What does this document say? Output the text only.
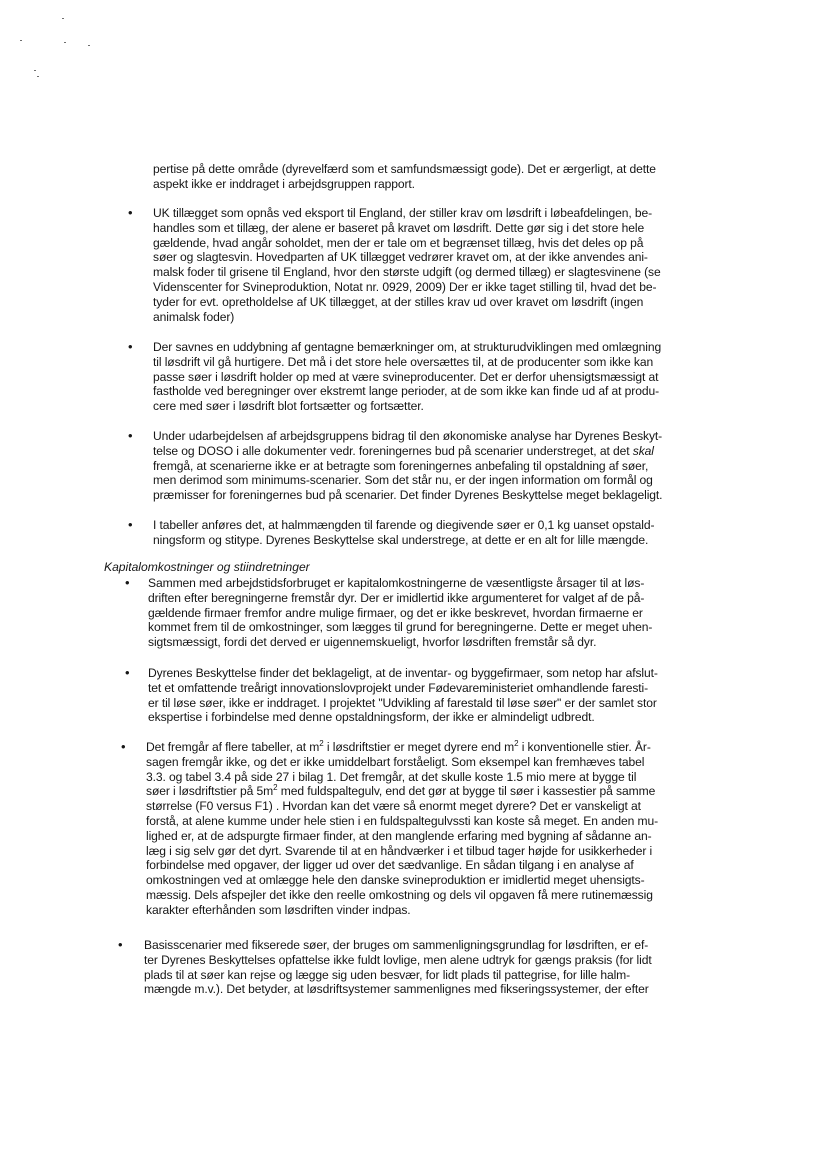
pertise på dette område (dyrevelfærd som et samfundsmæssigt gode). Det er ærgerligt, at dette
aspekt ikke er inddraget i arbejdsgruppen rapport.

• UK tillægget som opnås ved eksport til England, der stiller krav om løsdrift i løbeafdelingen, be-
handles som et tillæg, der alene er baseret på kravet om løsdrift. Dette gør sig i det store hele
gældende, hvad angår soholdet, men der er tale om et begrænset tillæg, hvis det deles op på
søer og slagtesvin. Hovedparten af UK tillægget vedrører kravet om, at der ikke anvendes ani-
malsk foder til grisene til England, hvor den største udgift (og dermed tillæg) er slagtesvinene (se
Videnscenter for Svineproduktion, Notat nr. 0929, 2009) Der er ikke taget stilling til, hvad det be-
tyder for evt. opretholdelse af UK tillægget, at der stilles krav ud over kravet om løsdrift (ingen
animalsk foder)

• Der savnes en uddybning af gentagne bemærkninger om, at strukturudviklingen med omlægning
til løsdrift vil gå hurtigere. Det må i det store hele oversættes til, at de producenter som ikke kan
passe søer i løsdrift holder op med at være svineproducenter. Det er derfor uhensigtsmæssigt at
fastholde ved beregninger over ekstremt lange perioder, at de som ikke kan finde ud af at produ-
cere med søer i løsdrift blot fortsætter og fortsætter.

• Under udarbejdelsen af arbejdsgruppens bidrag til den økonomiske analyse har Dyrenes Beskyt-
telse og DOSO i alle dokumenter vedr. foreningernes bud på scenarier understreget, at det skal
fremgå, at scenarierne ikke er at betragte som foreningernes anbefaling til opstaldning af søer,
men derimod som minimums-scenarier. Som det står nu, er der ingen information om formål og
præmisser for foreningernes bud på scenarier. Det finder Dyrenes Beskyttelse meget beklageligt.

• I tabeller anføres det, at halmmængden til farende og diegivende søer er 0,1 kg uanset opstald-
ningsform og stitype. Dyrenes Beskyttelse skal understrege, at dette er en alt for lille mængde.

Kapitalomkostninger og stiindretninger

• Sammen med arbejdstidsforbruget er kapitalomkostningerne de væsentligste årsager til at løs-
driften efter beregningerne fremstår dyr. Der er imidlertid ikke argumenteret for valget af de på-
gældende firmaer fremfor andre mulige firmaer, og det er ikke beskrevet, hvordan firmaerne er
kommet frem til de omkostninger, som lægges til grund for beregningerne. Dette er meget uhen-
sigtsmæssigt, fordi det derved er uigennemskueligt, hvorfor løsdriften fremstår så dyr.

• Dyrenes Beskyttelse finder det beklageligt, at de inventar- og byggefirmaer, som netop har afslut-
tet et omfattende treårigt innovationslovprojekt under Fødevareministeriet omhandlende faresti-
er til løse søer, ikke er inddraget. I projektet "Udvikling af farestald til løse søer" er der samlet stor
ekspertise i forbindelse med denne opstaldningsform, der ikke er almindeligt udbredt.

• Det fremgår af flere tabeller, at $m^2$ i løsdriftstier er meget dyrere end $m^2$ i konventionelle stier. År-
sagen fremgår ikke, og det er ikke umiddelbart forståeligt. Som eksempel kan fremhæves tabel
3.3. og tabel 3.4 på side 27 i bilag 1. Det fremgår, at det skulle koste 1.5 mio mere at bygge til
søer i løsdriftstier på $5m^2$ med fuldspaltegulv, end det gør at bygge til søer i kassestier på samme
størrelse (F0 versus F1) . Hvordan kan det være så enormt meget dyrere? Det er vanskeligt at
forstå, at alene kumme under hele stien i en fuldspaltegulvssti kan koste så meget. En anden mu-
lighed er, at de adspurgte firmaer finder, at den manglende erfaring med bygning af sådanne an-
læg i sig selv gør det dyrt. Svarende til at en håndværker i et tilbud tager højde for usikkerheder i
forbindelse med opgaver, der ligger ud over det sædvanlige. En sådan tilgang i en analyse af
omkostningen ved at omlægge hele den danske svineproduktion er imidlertid meget uhensigts-
mæssig. Dels afspejler det ikke den reelle omkostning og dels vil opgaven få mere rutinemæssig
karakter efterhånden som løsdriften vinder indpas.

• Basisscenarier med fikserede søer, der bruges om sammenligningsgrundlag for løsdriften, er ef-
ter Dyrenes Beskyttelses opfattelse ikke fuldt lovlige, men alene udtryk for gængs praksis (for lidt
plads til at søer kan rejse og lægge sig uden besvær, for lidt plads til pattegrise, for lille halm-
mængde m.v.). Det betyder, at løsdriftsystemer sammenlignes med fikseringssystemer, der efter
